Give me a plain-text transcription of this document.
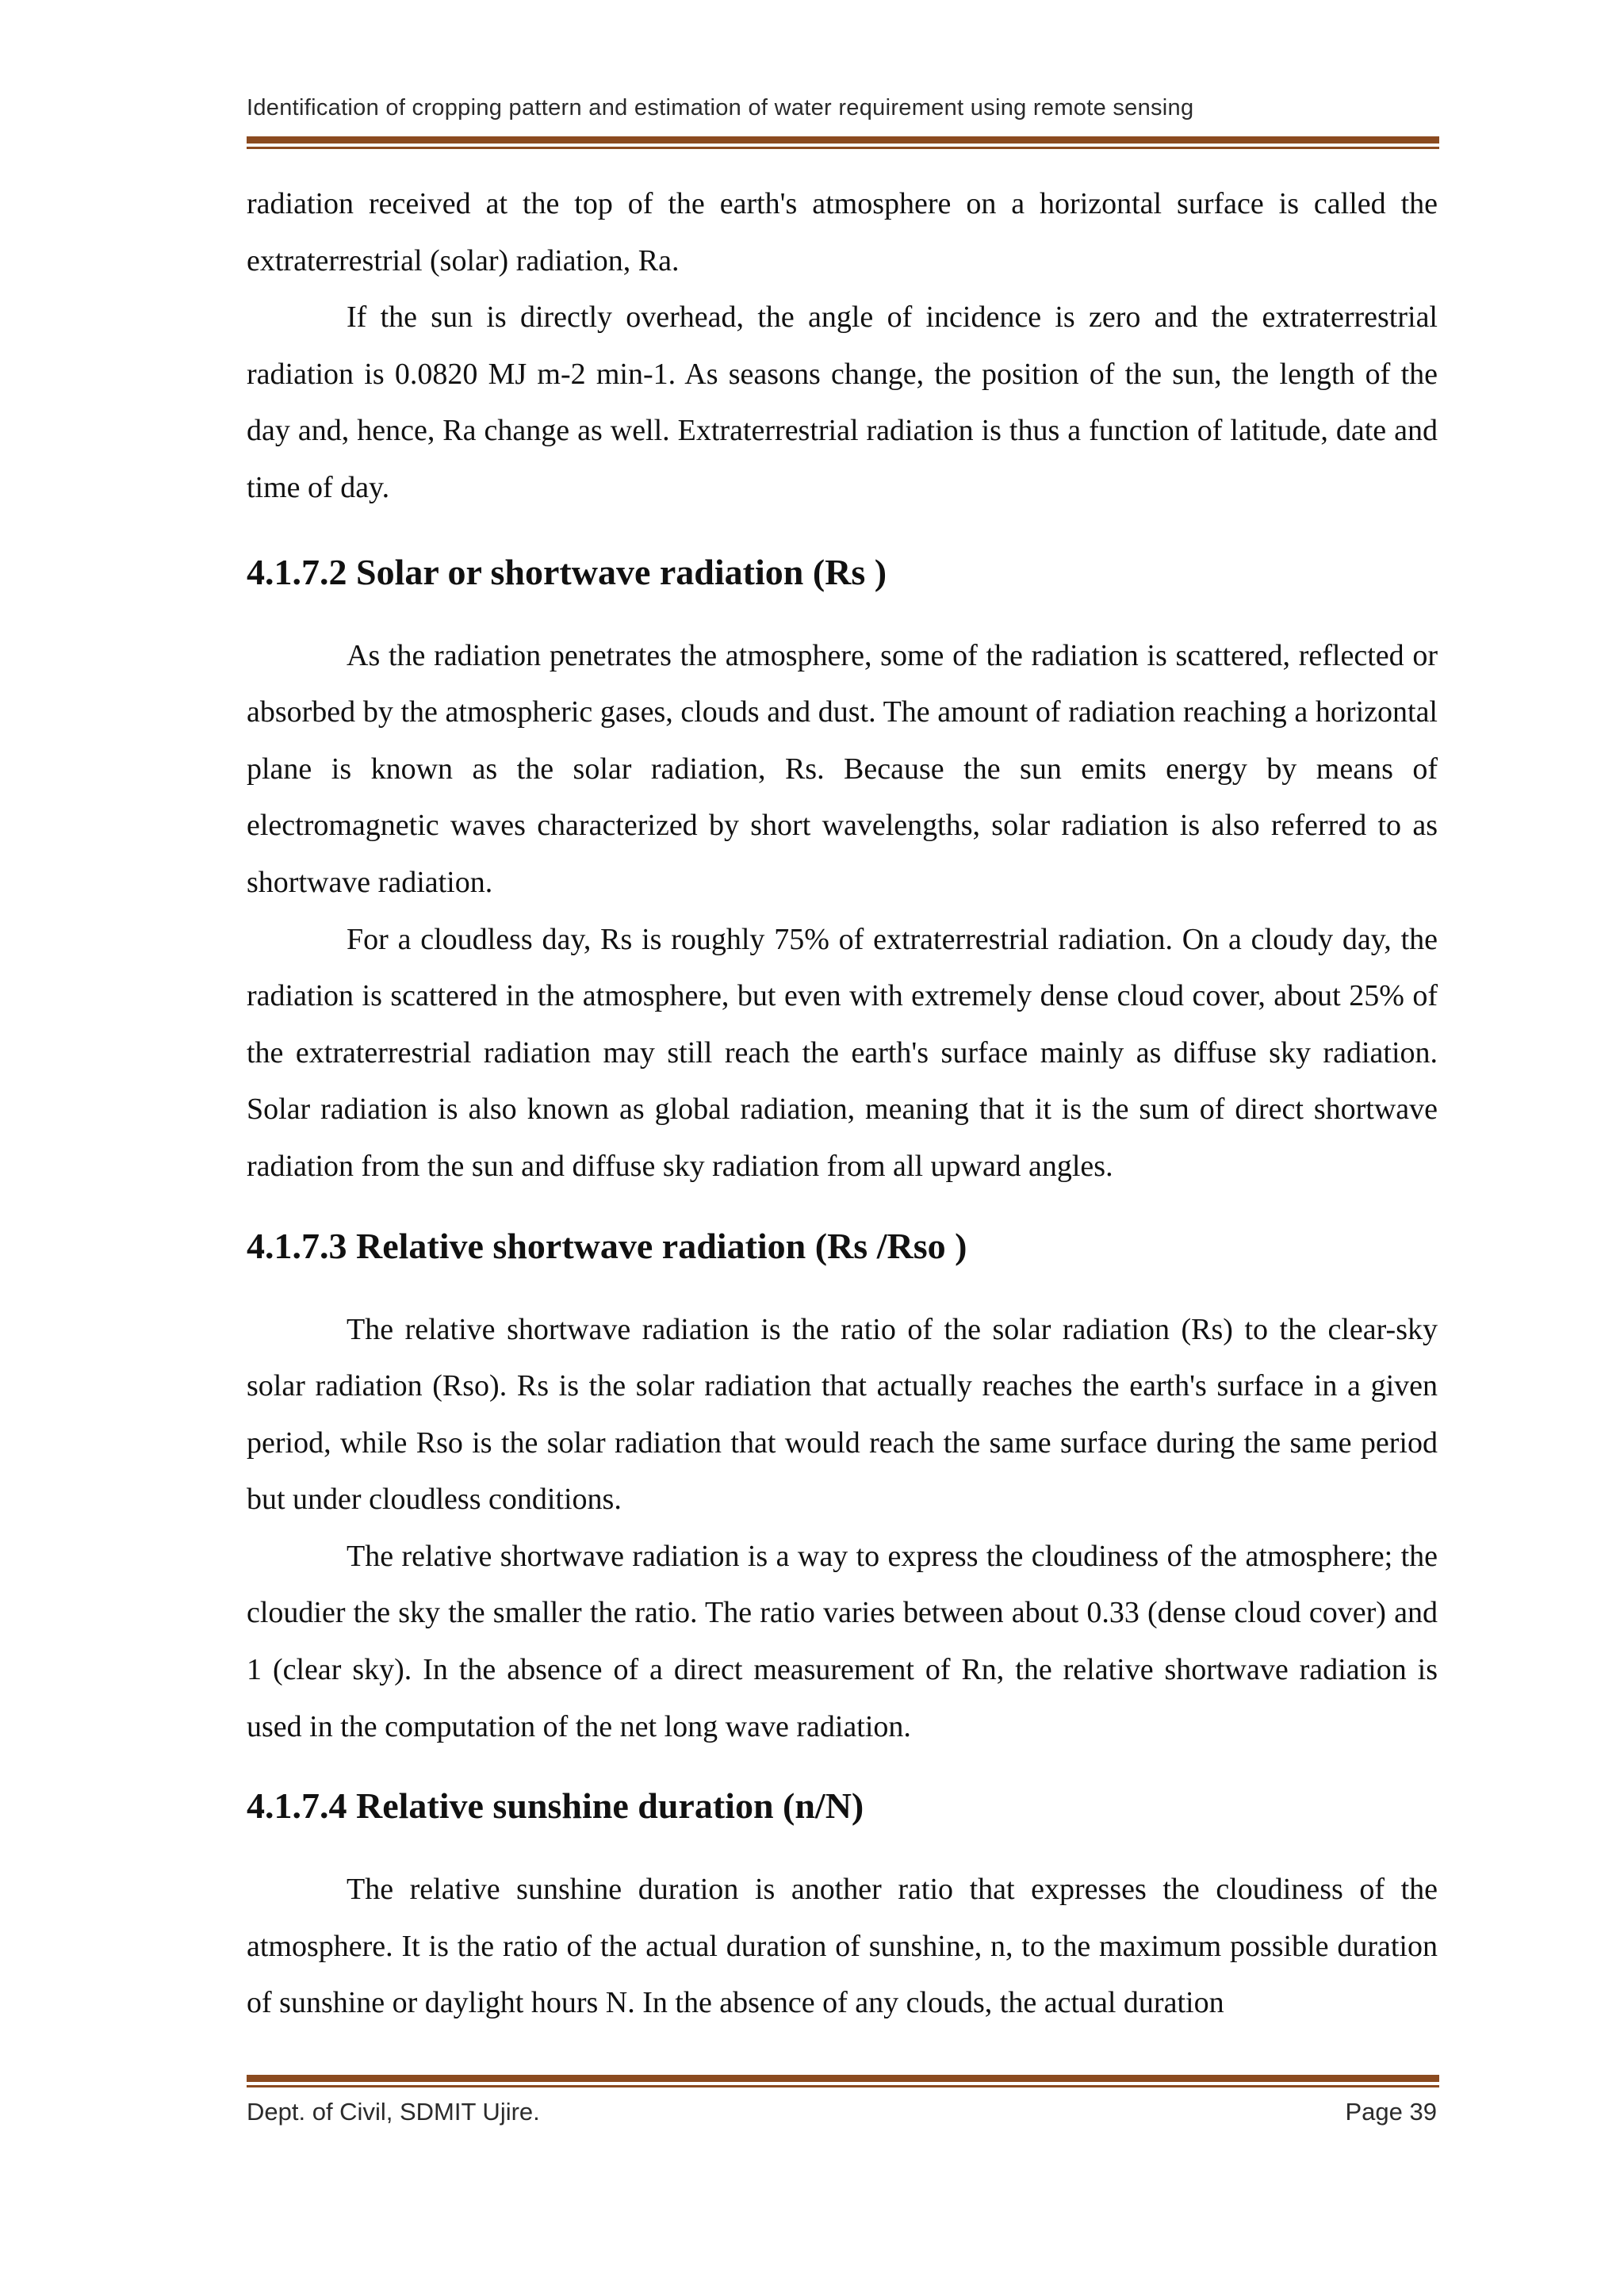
Identification of cropping pattern and estimation of water requirement using remote sensing

radiation received at the top of the earth's atmosphere on a horizontal surface is called the extraterrestrial (solar) radiation, Ra.

If the sun is directly overhead, the angle of incidence is zero and the extraterrestrial radiation is 0.0820 MJ m-2 min-1. As seasons change, the position of the sun, the length of the day and, hence, Ra change as well. Extraterrestrial radiation is thus a function of latitude, date and time of day.

4.1.7.2 Solar or shortwave radiation (Rs )

As the radiation penetrates the atmosphere, some of the radiation is scattered, reflected or absorbed by the atmospheric gases, clouds and dust. The amount of radiation reaching a horizontal plane is known as the solar radiation, Rs. Because the sun emits energy by means of electromagnetic waves characterized by short wavelengths, solar radiation is also referred to as shortwave radiation.

For a cloudless day, Rs is roughly 75% of extraterrestrial radiation. On a cloudy day, the radiation is scattered in the atmosphere, but even with extremely dense cloud cover, about 25% of the extraterrestrial radiation may still reach the earth's surface mainly as diffuse sky radiation. Solar radiation is also known as global radiation, meaning that it is the sum of direct shortwave radiation from the sun and diffuse sky radiation from all upward angles.

4.1.7.3 Relative shortwave radiation (Rs /Rso )

The relative shortwave radiation is the ratio of the solar radiation (Rs) to the clear-sky solar radiation (Rso). Rs is the solar radiation that actually reaches the earth's surface in a given period, while Rso is the solar radiation that would reach the same surface during the same period but under cloudless conditions.

The relative shortwave radiation is a way to express the cloudiness of the atmosphere; the cloudier the sky the smaller the ratio. The ratio varies between about 0.33 (dense cloud cover) and 1 (clear sky). In the absence of a direct measurement of Rn, the relative shortwave radiation is used in the computation of the net long wave radiation.

4.1.7.4 Relative sunshine duration (n/N)

The relative sunshine duration is another ratio that expresses the cloudiness of the atmosphere. It is the ratio of the actual duration of sunshine, n, to the maximum possible duration of sunshine or daylight hours N. In the absence of any clouds, the actual duration

Dept. of Civil, SDMIT Ujire.	Page 39
